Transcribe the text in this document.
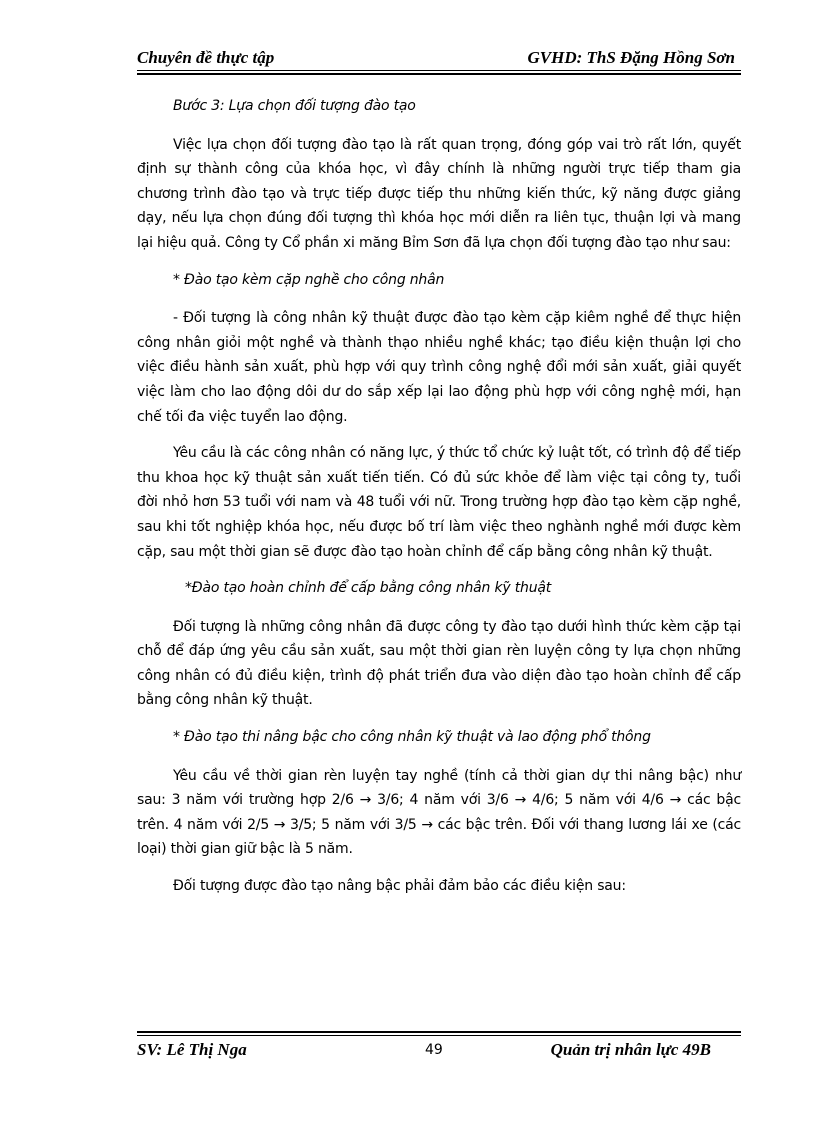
Chuyên đề thực tập	GVHD: ThS Đặng Hồng Sơn

Bước 3: Lựa chọn đối tượng đào tạo

Việc lựa chọn đối tượng đào tạo là rất quan trọng, đóng góp vai trò rất lớn, quyết định sự thành công của khóa học, vì đây chính là những người trực tiếp tham gia chương trình đào tạo và trực tiếp được tiếp thu những kiến thức, kỹ năng được giảng dạy, nếu lựa chọn đúng đối tượng thì khóa học mới diễn ra liên tục, thuận lợi và mang lại hiệu quả. Công ty Cổ phần xi măng Bỉm Sơn đã lựa chọn đối tượng đào tạo như sau:

* Đào tạo kèm cặp nghề cho công nhân

- Đối tượng là công nhân kỹ thuật được đào tạo kèm cặp kiêm nghề để thực hiện công nhân giỏi một nghề và thành thạo nhiều nghề khác; tạo điều kiện thuận lợi cho việc điều hành sản xuất, phù hợp với quy trình công nghệ đổi mới sản xuất, giải quyết việc làm cho lao động dôi dư do sắp xếp lại lao động phù hợp với công nghệ mới, hạn chế tối đa việc tuyển lao động.

Yêu cầu là các công nhân có năng lực, ý thức tổ chức kỷ luật tốt, có trình độ để tiếp thu khoa học kỹ thuật sản xuất tiến tiến. Có đủ sức khỏe để làm việc tại công ty, tuổi đời nhỏ hơn 53 tuổi với nam và 48 tuổi với nữ. Trong trường hợp đào tạo kèm cặp nghề, sau khi tốt nghiệp khóa học, nếu được bố trí làm việc theo nghành nghề mới được kèm cặp, sau một thời gian sẽ được đào tạo hoàn chỉnh để cấp bằng công nhân kỹ thuật.

*Đào tạo hoàn chỉnh để cấp bằng công nhân kỹ thuật

Đối tượng là những công nhân đã được công ty đào tạo dưới hình thức kèm cặp tại chỗ để đáp ứng yêu cầu sản xuất, sau một thời gian rèn luyện công ty lựa chọn những công nhân có đủ điều kiện, trình độ phát triển đưa vào diện đào tạo hoàn chỉnh để cấp bằng công nhân kỹ thuật.

* Đào tạo thi nâng bậc cho công nhân kỹ thuật và lao động phổ thông

Yêu cầu về thời gian rèn luyện tay nghề (tính cả thời gian dự thi nâng bậc) như sau: 3 năm với trường hợp 2/6 → 3/6; 4 năm với 3/6 → 4/6; 5 năm với 4/6 → các bậc trên. 4 năm với 2/5 → 3/5; 5 năm với 3/5 → các bậc trên. Đối với thang lương lái xe (các loại) thời gian giữ bậc là 5 năm.

Đối tượng được đào tạo nâng bậc phải đảm bảo các điều kiện sau:

SV: Lê Thị Nga	49	Quản trị nhân lực 49B
